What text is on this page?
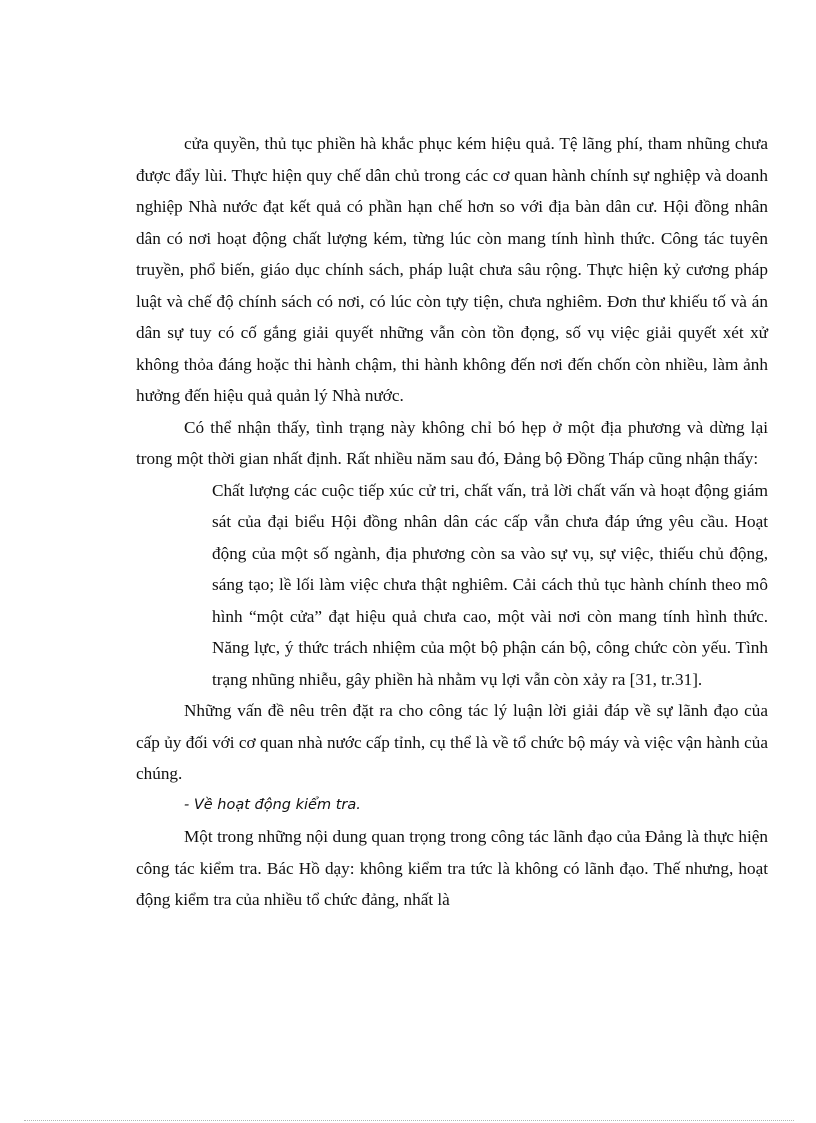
cửa quyền, thủ tục phiền hà khắc phục kém hiệu quả. Tệ lãng phí, tham nhũng chưa được đẩy lùi. Thực hiện quy chế dân chủ trong các cơ quan hành chính sự nghiệp và doanh nghiệp Nhà nước đạt kết quả có phần hạn chế hơn so với địa bàn dân cư. Hội đồng nhân dân có nơi hoạt động chất lượng kém, từng lúc còn mang tính hình thức. Công tác tuyên truyền, phổ biến, giáo dục chính sách, pháp luật chưa sâu rộng. Thực hiện kỷ cương pháp luật và chế độ chính sách có nơi, có lúc còn tựy tiện, chưa nghiêm. Đơn thư khiếu tố và án dân sự tuy có cố gắng giải quyết những vẫn còn tồn đọng, số vụ việc giải quyết xét xử không thỏa đáng hoặc thi hành chậm, thi hành không đến nơi đến chốn còn nhiều, làm ảnh hưởng đến hiệu quả quản lý Nhà nước.

Có thể nhận thấy, tình trạng này không chỉ bó hẹp ở một địa phương và dừng lại trong một thời gian nhất định. Rất nhiều năm sau đó, Đảng bộ Đồng Tháp cũng nhận thấy:

Chất lượng các cuộc tiếp xúc cử tri, chất vấn, trả lời chất vấn và hoạt động giám sát của đại biểu Hội đồng nhân dân các cấp vẫn chưa đáp ứng yêu cầu. Hoạt động của một số ngành, địa phương còn sa vào sự vụ, sự việc, thiếu chủ động, sáng tạo; lề lối làm việc chưa thật nghiêm. Cải cách thủ tục hành chính theo mô hình “một cửa” đạt hiệu quả chưa cao, một vài nơi còn mang tính hình thức. Năng lực, ý thức trách nhiệm của một bộ phận cán bộ, công chức còn yếu. Tình trạng nhũng nhiễu, gây phiền hà nhằm vụ lợi vẫn còn xảy ra [31, tr.31].

Những vấn đề nêu trên đặt ra cho công tác lý luận lời giải đáp về sự lãnh đạo của cấp ủy đối với cơ quan nhà nước cấp tỉnh, cụ thể là về tổ chức bộ máy và việc vận hành của chúng.

- Về hoạt động kiểm tra.

Một trong những nội dung quan trọng trong công tác lãnh đạo của Đảng là thực hiện công tác kiểm tra. Bác Hồ dạy: không kiểm tra tức là không có lãnh đạo. Thế nhưng, hoạt động kiểm tra của nhiều tổ chức đảng, nhất là
